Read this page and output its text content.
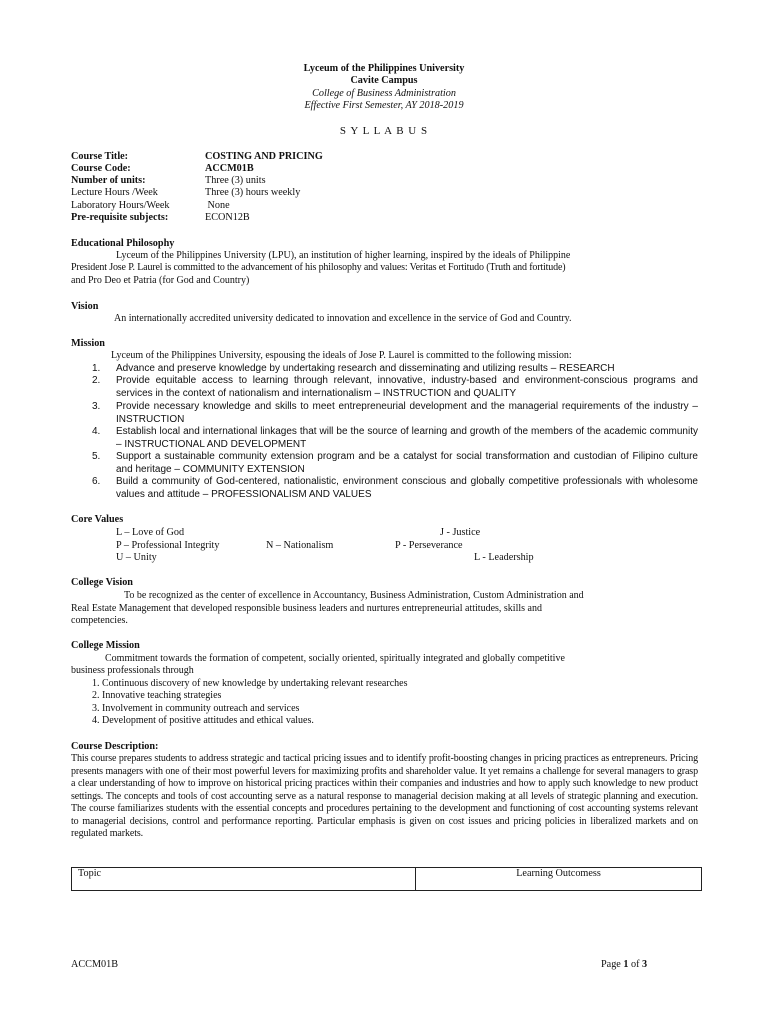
Lyceum of the Philippines University
Cavite Campus
College of Business Administration
Effective First Semester, AY 2018-2019
S Y L L A B U S
Course Title:	COSTING AND PRICING
Course Code:	ACCM01B
Number of units:	Three (3) units
Lecture Hours /Week	Three (3) hours weekly
Laboratory Hours/Week	None
Pre-requisite subjects:	ECON12B
Educational Philosophy
Lyceum of the Philippines University (LPU), an institution of higher learning, inspired by the ideals of Philippine
President Jose P. Laurel is committed to the advancement of his philosophy and values: Veritas et Fortitudo (Truth and fortitude)
and Pro Deo et Patria (for God and Country)
Vision
An internationally accredited university dedicated to innovation and excellence in the service of God and Country.
Mission
Lyceum of the Philippines University, espousing the ideals of Jose P. Laurel is committed to the following mission:
1.	Advance and preserve knowledge by undertaking research and disseminating and utilizing results – RESEARCH
2.	Provide equitable access to learning through relevant, innovative, industry-based and environment-conscious programs and services in the context of nationalism and internationalism – INSTRUCTION and QUALITY
3.	Provide necessary knowledge and skills to meet entrepreneurial development and the managerial requirements of the industry – INSTRUCTION
4.	Establish local and international linkages that will be the source of learning and growth of the members of the academic community – INSTRUCTIONAL AND DEVELOPMENT
5.	Support a sustainable community extension program and be a catalyst for social transformation and custodian of Filipino culture and heritage – COMMUNITY EXTENSION
6.	Build a community of God-centered, nationalistic, environment conscious and globally competitive professionals with wholesome values and attitude – PROFESSIONALISM AND VALUES
Core Values
L – Love of God	J - Justice
P – Professional Integrity	N – Nationalism	P - Perseverance
U – Unity	L - Leadership
College Vision
To be recognized as the center of excellence in Accountancy, Business Administration, Custom Administration and
Real Estate Management that developed responsible business leaders and nurtures entrepreneurial attitudes, skills and
competencies.
College Mission
Commitment towards the formation of competent, socially oriented, spiritually integrated and globally competitive
business professionals through
1. Continuous discovery of new knowledge by undertaking relevant researches
2. Innovative teaching strategies
3. Involvement in community outreach and services
4. Development of positive attitudes and ethical values.
Course Description:
This course prepares students to address strategic and tactical pricing issues and to identify profit-boosting changes in pricing practices as entrepreneurs. Pricing presents managers with one of their most powerful levers for maximizing profits and shareholder value. It yet remains a challenge for several managers to grasp a clear understanding of how to improve on historical pricing practices within their companies and industries and how to apply such knowledge to new product settings. The concepts and tools of cost accounting serve as a natural response to managerial decision making at all levels of strategic planning and execution. The course familiarizes students with the essential concepts and procedures pertaining to the development and functioning of cost accounting systems relevant to managerial decisions, control and performance reporting. Particular emphasis is given on cost issues and pricing policies in liberalized markets and on regulated markets.
Topic	Learning Outcomess
ACCM01B	Page 1 of 3
